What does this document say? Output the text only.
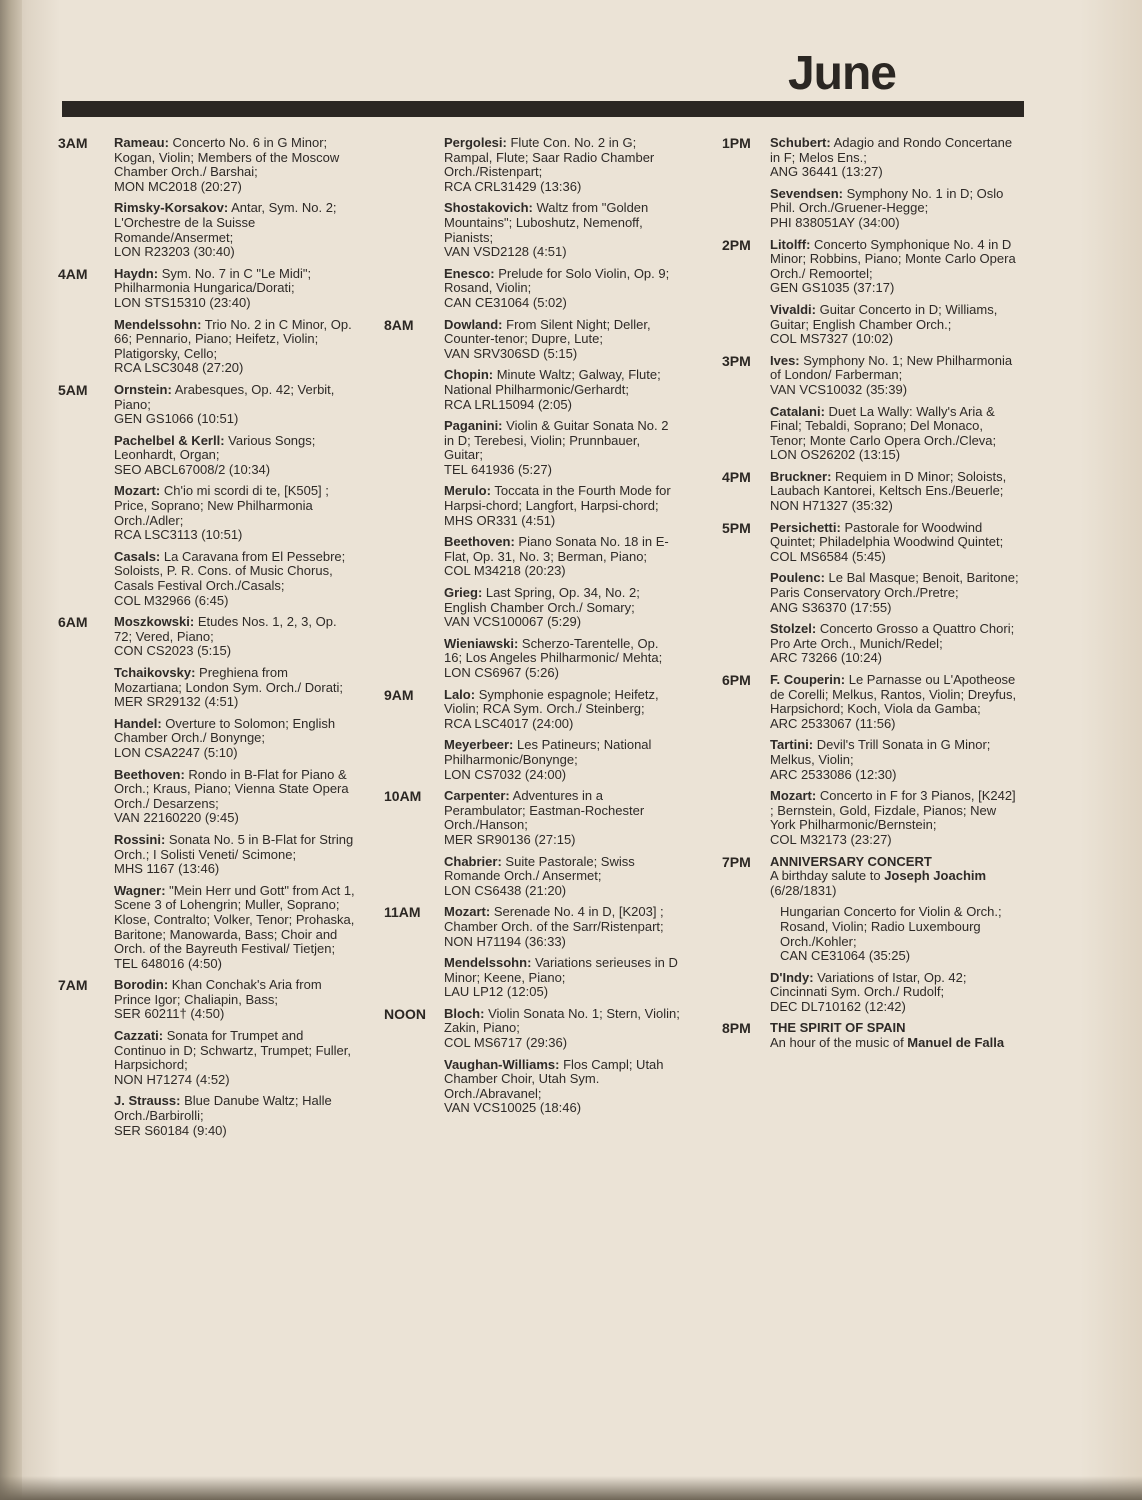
June
3AM	Rameau: Concerto No. 6 in G Minor; Kogan, Violin; Members of the Moscow Chamber Orch./ Barshai;
MON MC2018 (20:27)
Rimsky-Korsakov: Antar, Sym. No. 2; L'Orchestre de la Suisse Romande/Ansermet;
LON R23203 (30:40)
4AM	Haydn: Sym. No. 7 in C "Le Midi"; Philharmonia Hungarica/Dorati;
LON STS15310 (23:40)
Mendelssohn: Trio No. 2 in C Minor, Op. 66; Pennario, Piano; Heifetz, Violin; Platigorsky, Cello;
RCA LSC3048 (27:20)
5AM	Ornstein: Arabesques, Op. 42; Verbit, Piano;
GEN GS1066 (10:51)
Pachelbel & Kerll: Various Songs; Leonhardt, Organ;
SEO ABCL67008/2 (10:34)
Mozart: Ch'io mi scordi di te, [K505] ; Price, Soprano; New Philharmonia Orch./Adler;
RCA LSC3113 (10:51)
Casals: La Caravana from El Pessebre; Soloists, P. R. Cons. of Music Chorus, Casals Festival Orch./Casals;
COL M32966 (6:45)
6AM	Moszkowski: Etudes Nos. 1, 2, 3, Op. 72; Vered, Piano;
CON CS2023 (5:15)
Tchaikovsky: Preghiena from Mozartiana; London Sym. Orch./ Dorati;
MER SR29132 (4:51)
Handel: Overture to Solomon; English Chamber Orch./ Bonynge;
LON CSA2247 (5:10)
Beethoven: Rondo in B-Flat for Piano & Orch.; Kraus, Piano; Vienna State Opera Orch./ Desarzens;
VAN 22160220 (9:45)
Rossini: Sonata No. 5 in B-Flat for String Orch.; I Solisti Veneti/ Scimone;
MHS 1167 (13:46)
Wagner: "Mein Herr und Gott" from Act 1, Scene 3 of Lohengrin; Muller, Soprano; Klose, Contralto; Volker, Tenor; Prohaska, Baritone; Manowarda, Bass; Choir and Orch. of the Bayreuth Festival/ Tietjen;
TEL 648016 (4:50)
7AM	Borodin: Khan Conchak's Aria from Prince Igor; Chaliapin, Bass;
SER 60211† (4:50)
Cazzati: Sonata for Trumpet and Continuo in D; Schwartz, Trumpet; Fuller, Harpsichord;
NON H71274 (4:52)
J. Strauss: Blue Danube Waltz; Halle Orch./Barbirolli;
SER S60184 (9:40)
Pergolesi: Flute Con. No. 2 in G; Rampal, Flute; Saar Radio Chamber Orch./Ristenpart;
RCA CRL31429 (13:36)
Shostakovich: Waltz from "Golden Mountains"; Luboshutz, Nemenoff, Pianists;
VAN VSD2128 (4:51)
Enesco: Prelude for Solo Violin, Op. 9; Rosand, Violin;
CAN CE31064 (5:02)
8AM	Dowland: From Silent Night; Deller, Counter-tenor; Dupre, Lute;
VAN SRV306SD (5:15)
Chopin: Minute Waltz; Galway, Flute; National Philharmonic/Gerhardt;
RCA LRL15094 (2:05)
Paganini: Violin & Guitar Sonata No. 2 in D; Terebesi, Violin; Prunnbauer, Guitar;
TEL 641936 (5:27)
Merulo: Toccata in the Fourth Mode for Harpsi-chord; Langfort, Harpsi-chord;
MHS OR331 (4:51)
Beethoven: Piano Sonata No. 18 in E-Flat, Op. 31, No. 3; Berman, Piano;
COL M34218 (20:23)
Grieg: Last Spring, Op. 34, No. 2; English Chamber Orch./ Somary;
VAN VCS100067 (5:29)
Wieniawski: Scherzo-Tarentelle, Op. 16; Los Angeles Philharmonic/ Mehta;
LON CS6967 (5:26)
9AM	Lalo: Symphonie espagnole; Heifetz, Violin; RCA Sym. Orch./ Steinberg;
RCA LSC4017 (24:00)
Meyerbeer: Les Patineurs; National Philharmonic/Bonynge;
LON CS7032 (24:00)
10AM	Carpenter: Adventures in a Perambulator; Eastman-Rochester Orch./Hanson;
MER SR90136 (27:15)
Chabrier: Suite Pastorale; Swiss Romande Orch./ Ansermet;
LON CS6438 (21:20)
11AM	Mozart: Serenade No. 4 in D, [K203] ; Chamber Orch. of the Sarr/Ristenpart;
NON H71194 (36:33)
Mendelssohn: Variations serieuses in D Minor; Keene, Piano;
LAU LP12 (12:05)
NOON	Bloch: Violin Sonata No. 1; Stern, Violin; Zakin, Piano;
COL MS6717 (29:36)
Vaughan-Williams: Flos Campl; Utah Chamber Choir, Utah Sym. Orch./Abravanel;
VAN VCS10025 (18:46)
1PM	Schubert: Adagio and Rondo Concertane in F; Melos Ens.;
ANG 36441 (13:27)
Sevendsen: Symphony No. 1 in D; Oslo Phil. Orch./Gruener-Hegge;
PHI 838051AY (34:00)
2PM	Litolff: Concerto Symphonique No. 4 in D Minor; Robbins, Piano; Monte Carlo Opera Orch./ Remoortel;
GEN GS1035 (37:17)
Vivaldi: Guitar Concerto in D; Williams, Guitar; English Chamber Orch.;
COL MS7327 (10:02)
3PM	Ives: Symphony No. 1; New Philharmonia of London/ Farberman;
VAN VCS10032 (35:39)
Catalani: Duet La Wally: Wally's Aria & Final; Tebaldi, Soprano; Del Monaco, Tenor; Monte Carlo Opera Orch./Cleva;
LON OS26202 (13:15)
4PM	Bruckner: Requiem in D Minor; Soloists, Laubach Kantorei, Keltsch Ens./Beuerle;
NON H71327 (35:32)
5PM	Persichetti: Pastorale for Woodwind Quintet; Philadelphia Woodwind Quintet;
COL MS6584 (5:45)
Poulenc: Le Bal Masque; Benoit, Baritone; Paris Conservatory Orch./Pretre;
ANG S36370 (17:55)
Stolzel: Concerto Grosso a Quattro Chori; Pro Arte Orch., Munich/Redel;
ARC 73266 (10:24)
6PM	F. Couperin: Le Parnasse ou L'Apotheose de Corelli; Melkus, Rantos, Violin; Dreyfus, Harpsichord; Koch, Viola da Gamba;
ARC 2533067 (11:56)
Tartini: Devil's Trill Sonata in G Minor; Melkus, Violin;
ARC 2533086 (12:30)
Mozart: Concerto in F for 3 Pianos, [K242] ; Bernstein, Gold, Fizdale, Pianos; New York Philharmonic/Bernstein;
COL M32173 (23:27)
7PM	ANNIVERSARY CONCERT
A birthday salute to Joseph Joachim (6/28/1831)
Hungarian Concerto for Violin & Orch.; Rosand, Violin; Radio Luxembourg Orch./Kohler;
CAN CE31064 (35:25)
D'Indy: Variations of Istar, Op. 42; Cincinnati Sym. Orch./ Rudolf;
DEC DL710162 (12:42)
8PM	THE SPIRIT OF SPAIN
An hour of the music of Manuel de Falla
